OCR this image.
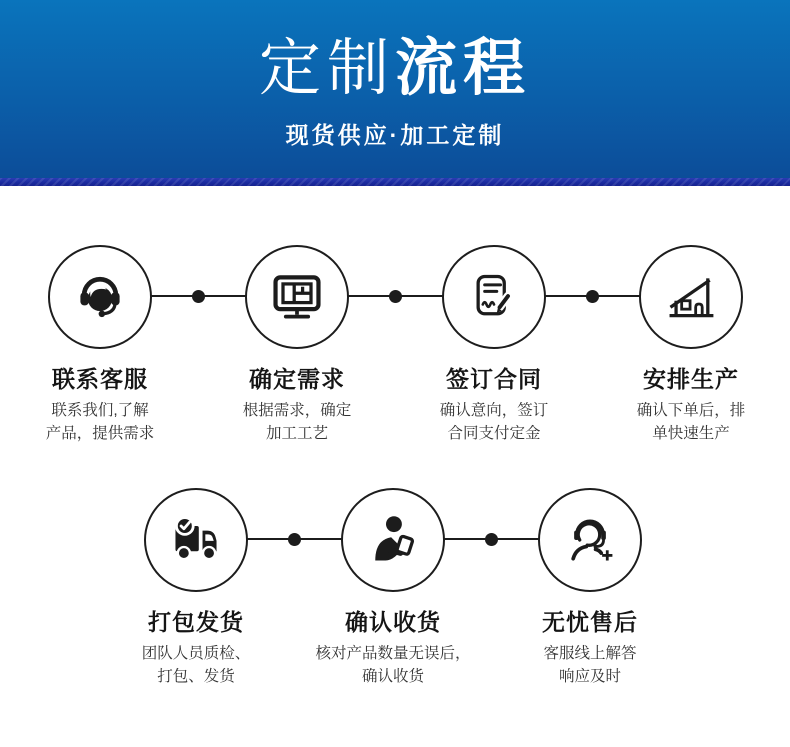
定制流程
现货供应·加工定制
联系客服
联系我们,了解
产品，提供需求
确定需求
根据需求，确定
加工工艺
签订合同
确认意向，签订
合同支付定金
安排生产
确认下单后，排
单快速生产
打包发货
团队人员质检、
打包、发货
确认收货
核对产品数量无误后，
确认收货
无忧售后
客服线上解答
响应及时
